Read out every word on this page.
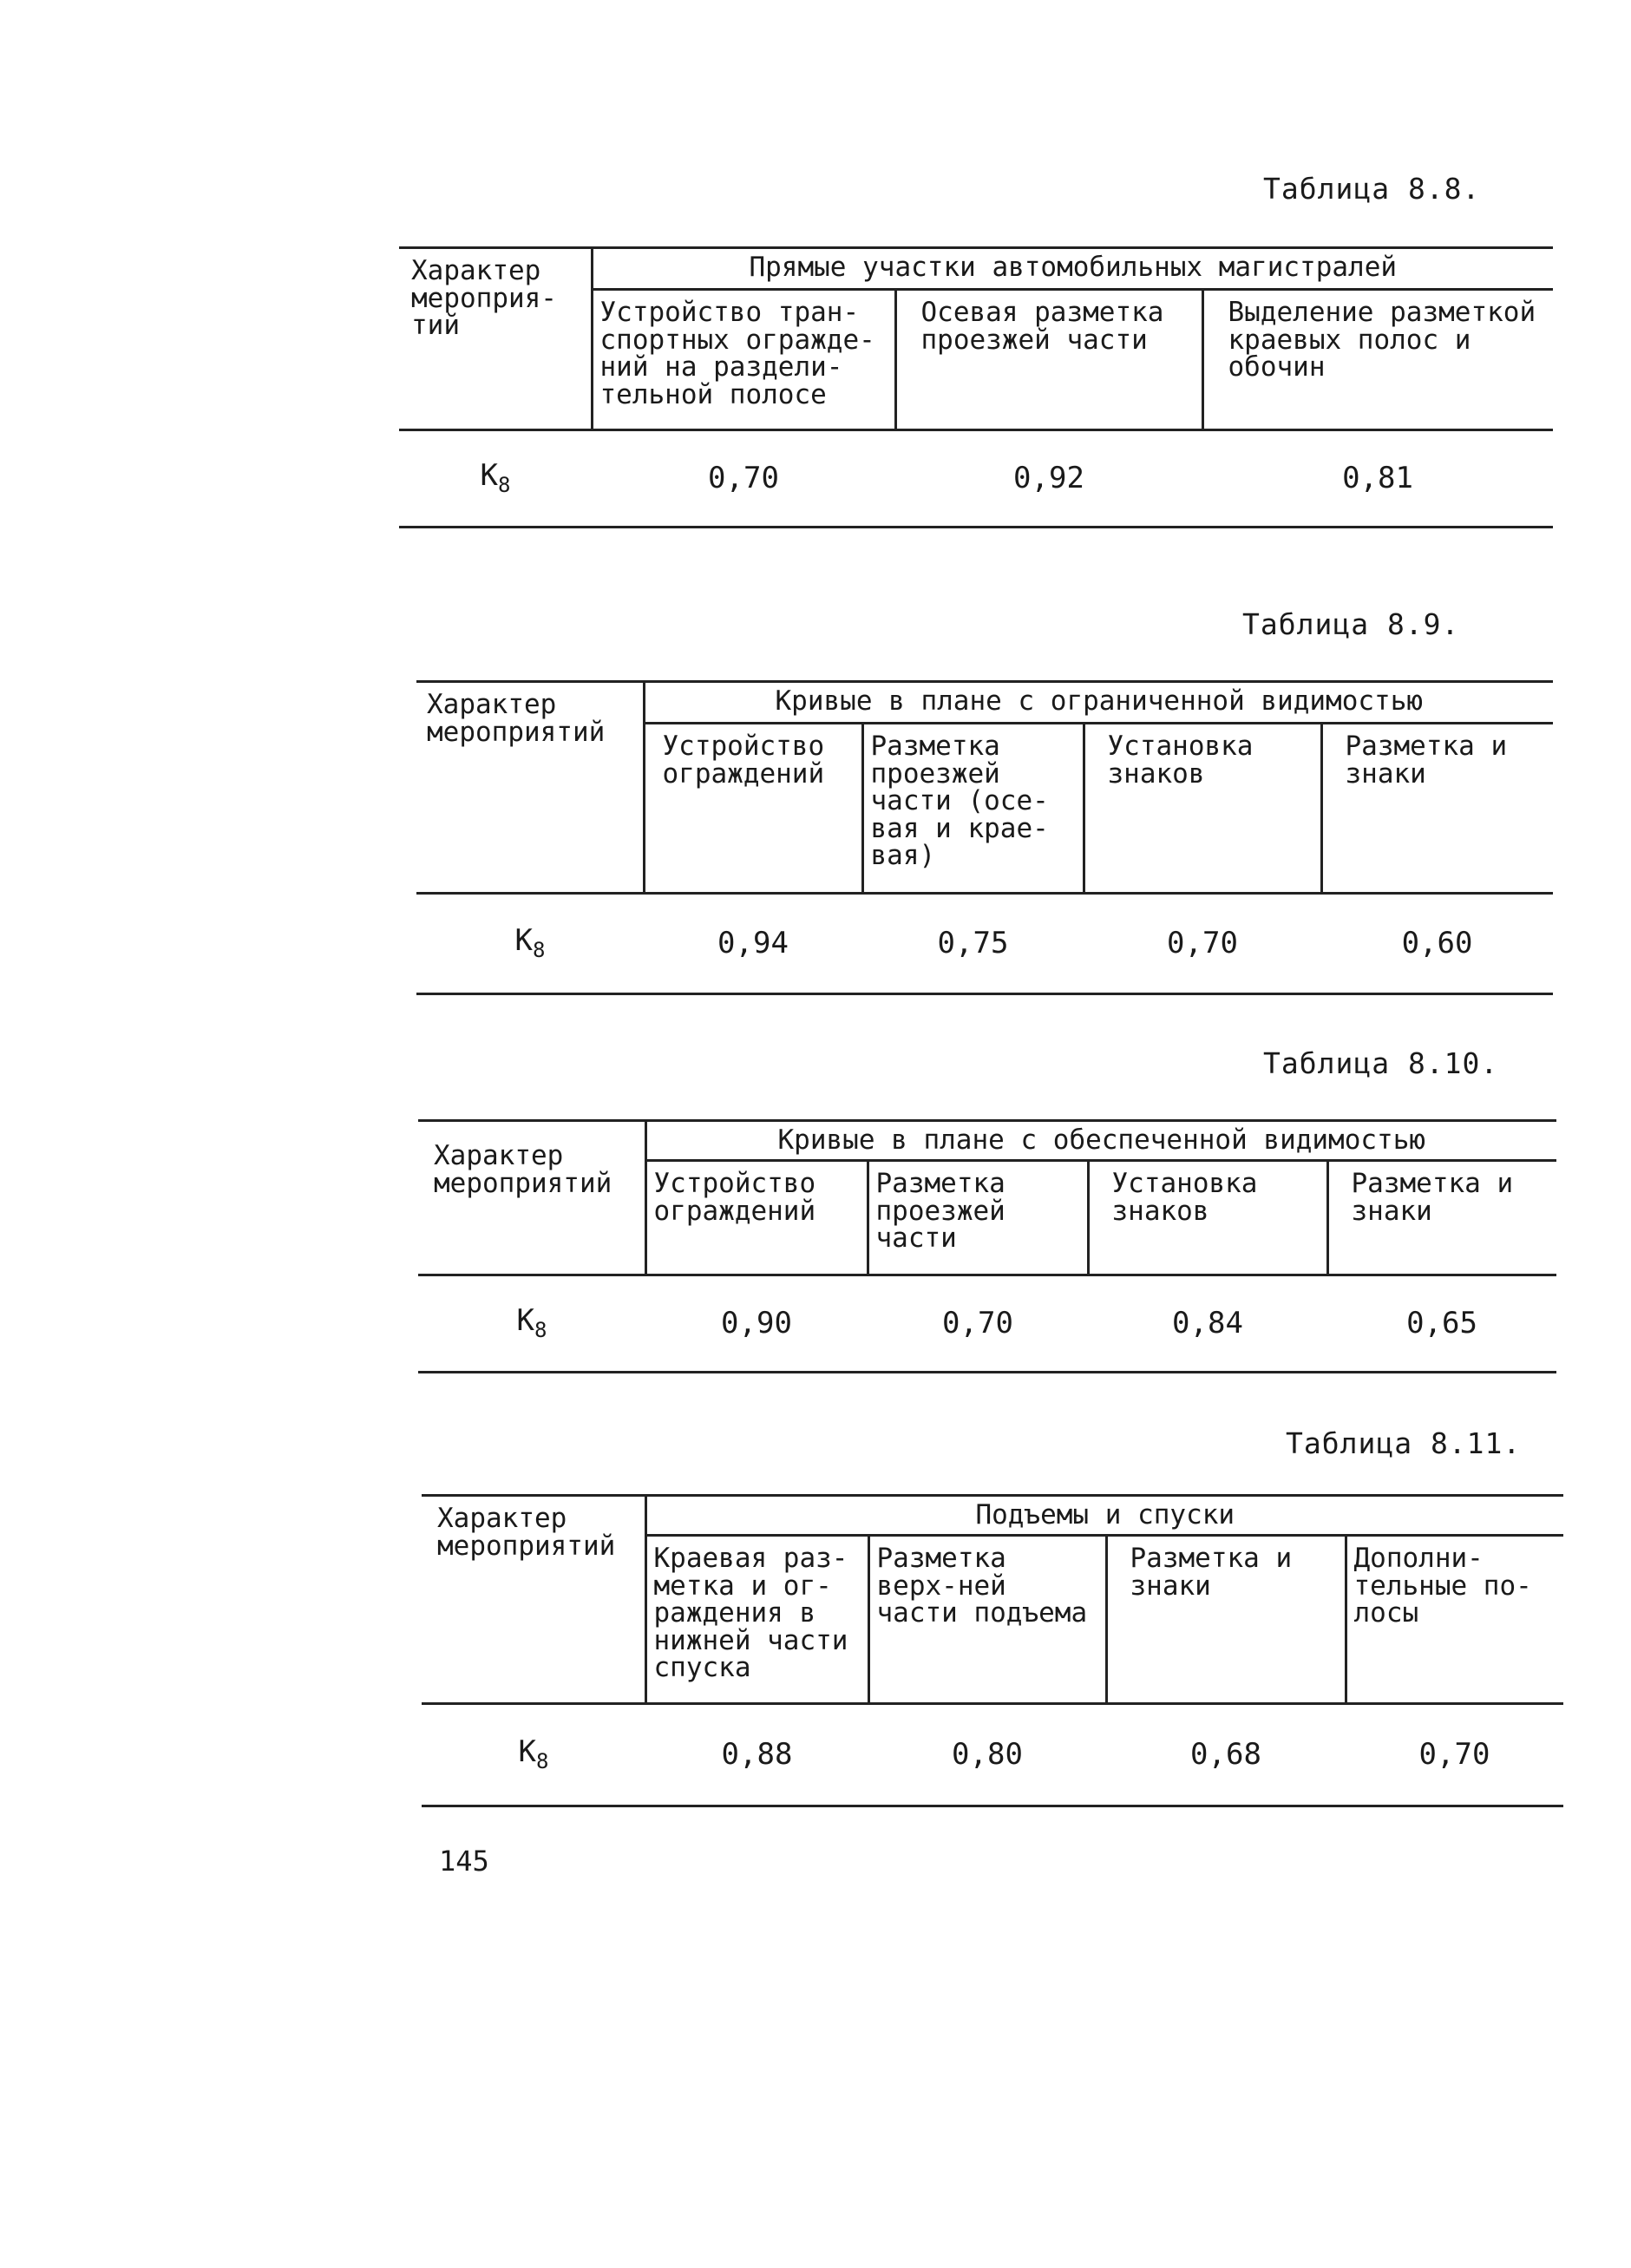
Таблица 8.8.
Характер мероприя-тий	Прямые участки автомобильных магистралей		
	Устройство тран-спортных огражде-ний на раздели-тельной полосе	Осевая разметка проезжей части	Выделение разметкой краевых полос и обочин
$K_8$	0,70	0,92	0,81
Таблица 8.9.
Характер мероприятий	Кривые в плане с ограниченной видимостью			
	Устройство ограждений	Разметка проезжей части (осе-вая и крае-вая)	Установка знаков	Разметка и знаки
$K_8$	0,94	0,75	0,70	0,60
Таблица 8.10.
Характер мероприятий	Кривые в плане с обеспеченной видимостью			
	Устройство ограждений	Разметка проезжей части	Установка знаков	Разметка и знаки
$K_8$	0,90	0,70	0,84	0,65
Таблица 8.11.
Характер мероприятий	Подъемы и спуски			
	Краевая раз-метка и ог-раждения в нижней части спуска	Разметка верх-ней части подъема	Разметка и знаки	Дополни-тельные по-лосы
$K_8$	0,88	0,80	0,68	0,70
145
